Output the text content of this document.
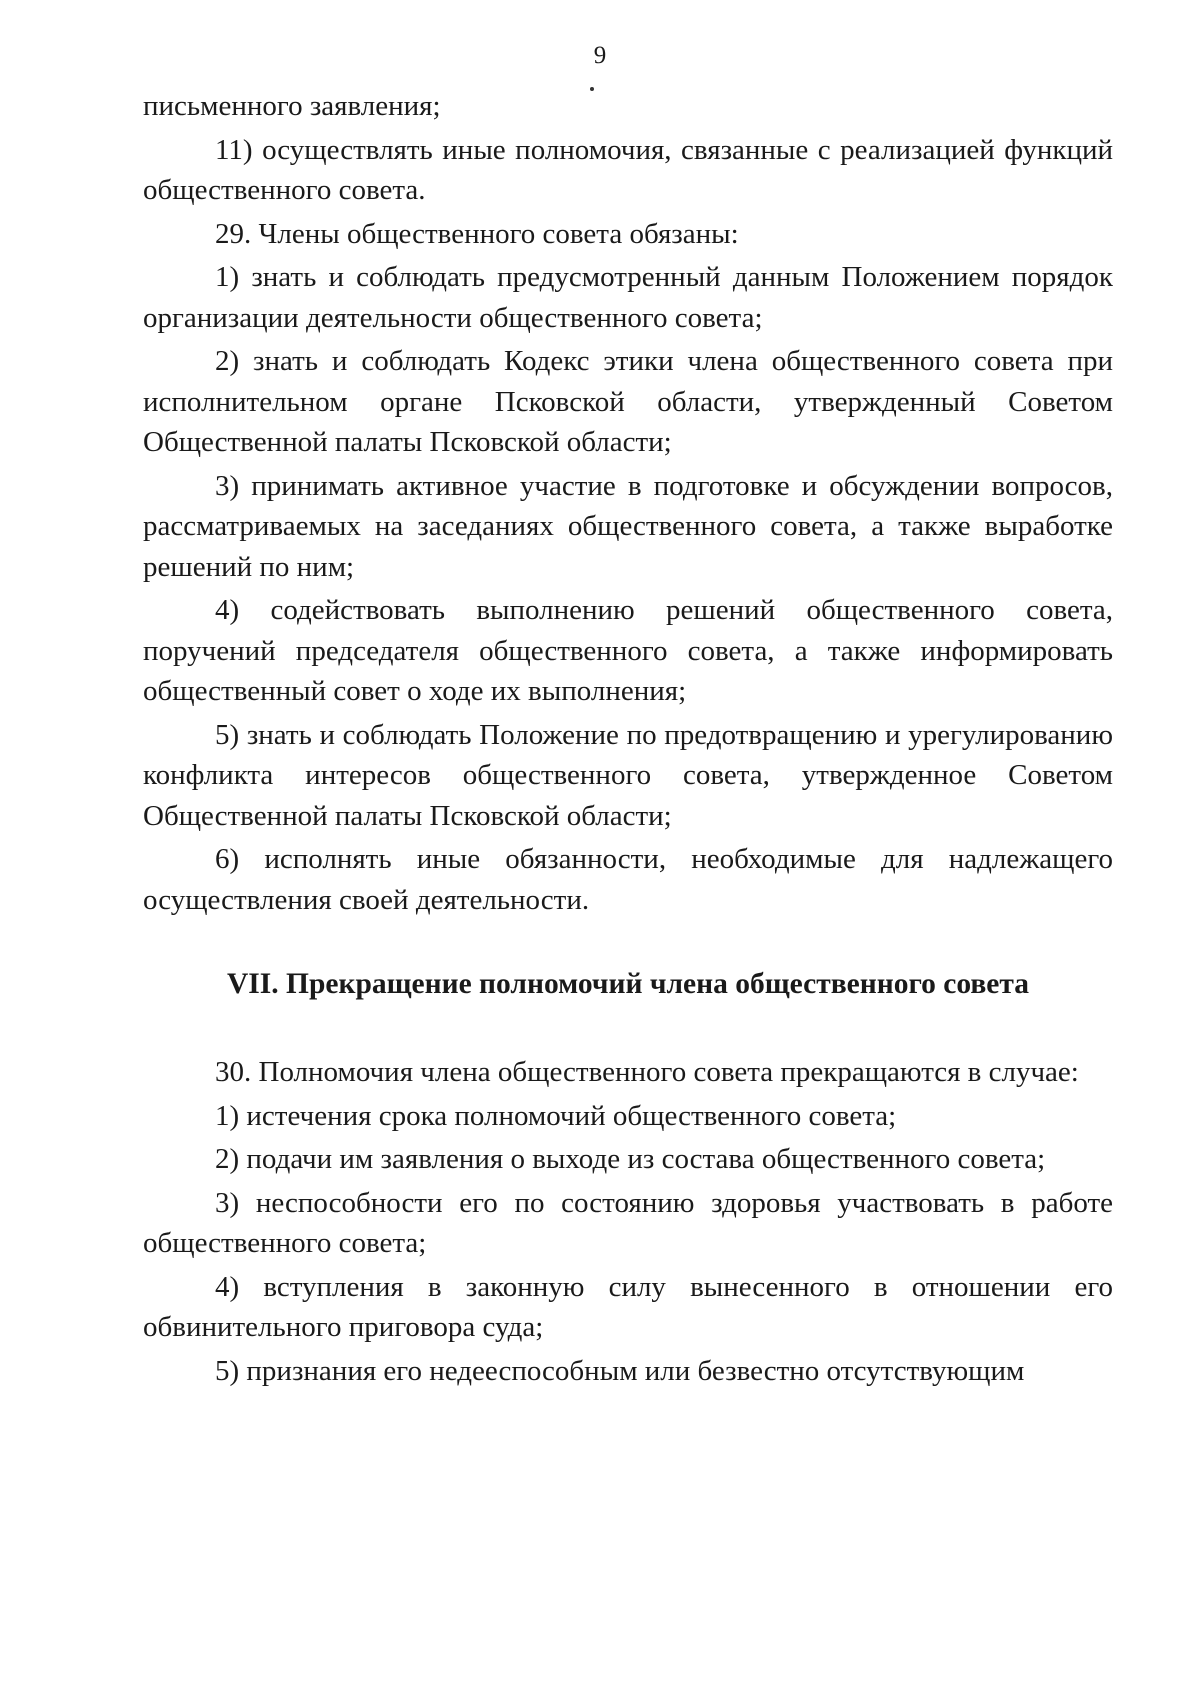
9

письменного заявления;

11) осуществлять иные полномочия, связанные с реализацией функций общественного совета.

29. Члены общественного совета обязаны:

1) знать и соблюдать предусмотренный данным Положением порядок организации деятельности общественного совета;

2) знать и соблюдать Кодекс этики члена общественного совета при исполнительном органе Псковской области, утвержденный Советом Общественной палаты Псковской области;

3) принимать активное участие в подготовке и обсуждении вопросов, рассматриваемых на заседаниях общественного совета, а также выработке решений по ним;

4) содействовать выполнению решений общественного совета, поручений председателя общественного совета, а также информировать общественный совет о ходе их выполнения;

5) знать и соблюдать Положение по предотвращению и урегулированию конфликта интересов общественного совета, утвержденное Советом Общественной палаты Псковской области;

6) исполнять иные обязанности, необходимые для надлежащего осуществления своей деятельности.

VII. Прекращение полномочий члена общественного совета

30. Полномочия члена общественного совета прекращаются в случае:

1) истечения срока полномочий общественного совета;

2) подачи им заявления о выходе из состава общественного совета;

3) неспособности его по состоянию здоровья участвовать в работе общественного совета;

4) вступления в законную силу вынесенного в отношении его обвинительного приговора суда;

5) признания его недееспособным или безвестно отсутствующим
